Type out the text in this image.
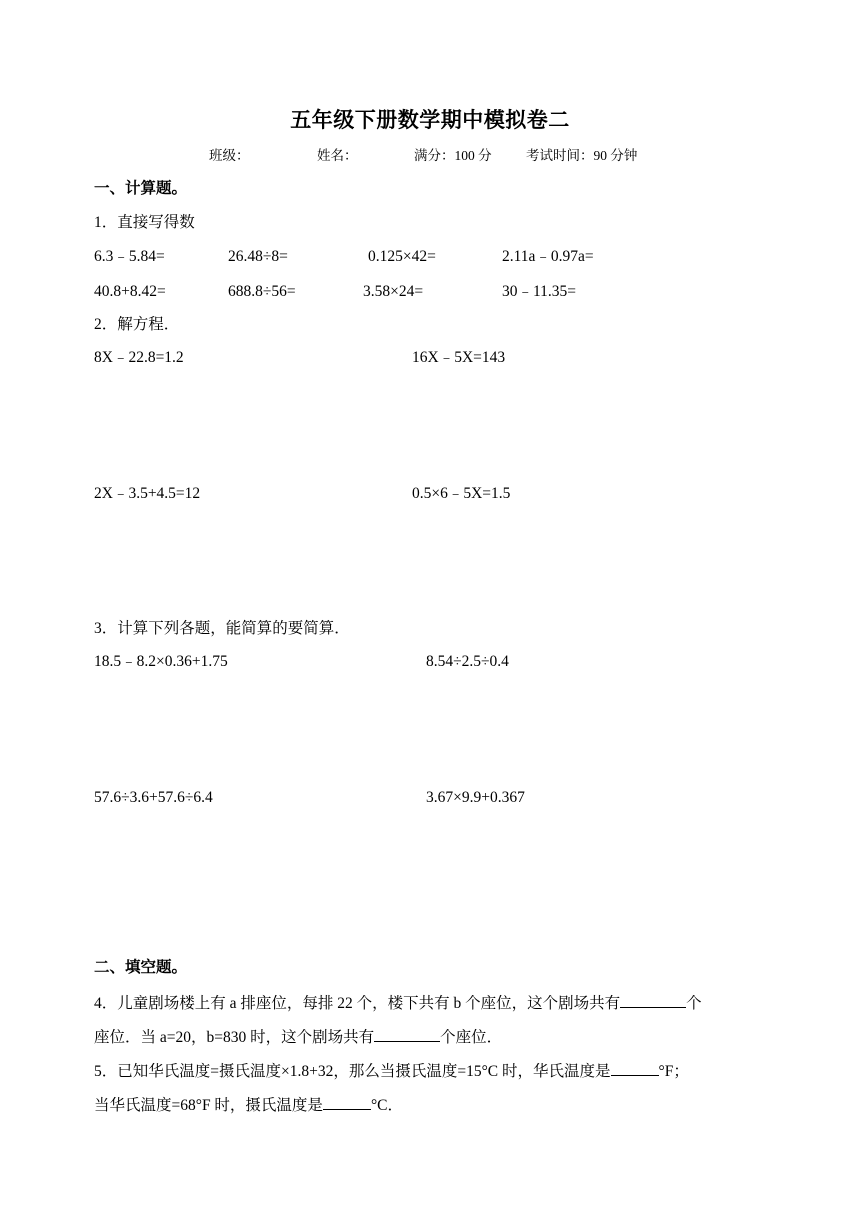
五年级下册数学期中模拟卷二
班级：	姓名：	满分：100 分	考试时间：90 分钟
一、计算题。
1．直接写得数
6.3﹣5.84=	26.48÷8=	0.125×42=	2.11a﹣0.97a=
40.8+8.42=	688.8÷56=	3.58×24=	30﹣11.35=
2．解方程．
8X﹣22.8=1.2	16X﹣5X=143
2X﹣3.5+4.5=12	0.5×6﹣5X=1.5
3．计算下列各题，能简算的要简算．
18.5﹣8.2×0.36+1.75	8.54÷2.5÷0.4
57.6÷3.6+57.6÷6.4	3.67×9.9+0.367
二、填空题。
4．儿童剧场楼上有 a 排座位，每排 22 个，楼下共有 b 个座位，这个剧场共有	个
座位．当 a=20，b=830 时，这个剧场共有	个座位．
5．已知华氏温度=摄氏温度×1.8+32，那么当摄氏温度=15°C 时，华氏温度是	°F；
当华氏温度=68°F 时，摄氏温度是	°C．
